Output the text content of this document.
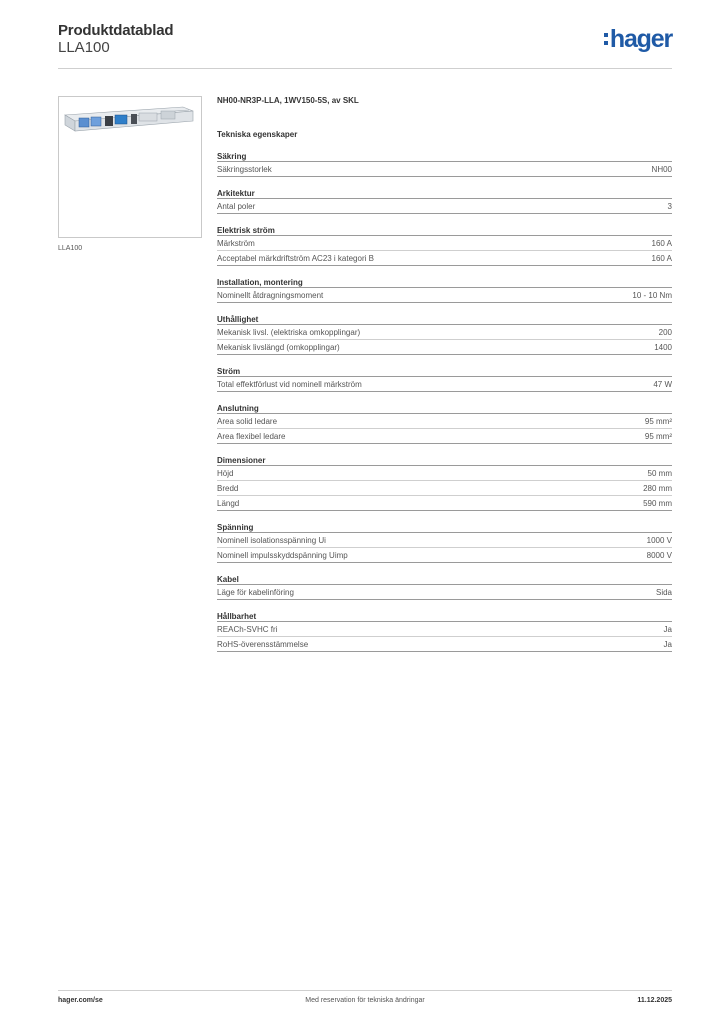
Produktdatablad
LLA100	hager
LLA100
NH00-NR3P-LLA, 1WV150-5S, av SKL
Tekniska egenskaper
Säkring
Säkringsstorlek	NH00
Arkitektur
Antal poler	3
Elektrisk ström
Märkström	160 A
Acceptabel märkdriftström AC23 i kategori B	160 A
Installation, montering
Nominellt åtdragningsmoment	10 - 10 Nm
Uthållighet
Mekanisk livsl. (elektriska omkopplingar)	200
Mekanisk livslängd (omkopplingar)	1400
Ström
Total effektförlust vid nominell märkström	47 W
Anslutning
Area solid ledare	95 mm²
Area flexibel ledare	95 mm²
Dimensioner
Höjd	50 mm
Bredd	280 mm
Längd	590 mm
Spänning
Nominell isolationsspänning Ui	1000 V
Nominell impulsskyddspänning Uimp	8000 V
Kabel
Läge för kabelinföring	Sida
Hållbarhet
REACh-SVHC fri	Ja
RoHS-överensstämmelse	Ja
hager.com/se	Med reservation för tekniska ändringar	11.12.2025
